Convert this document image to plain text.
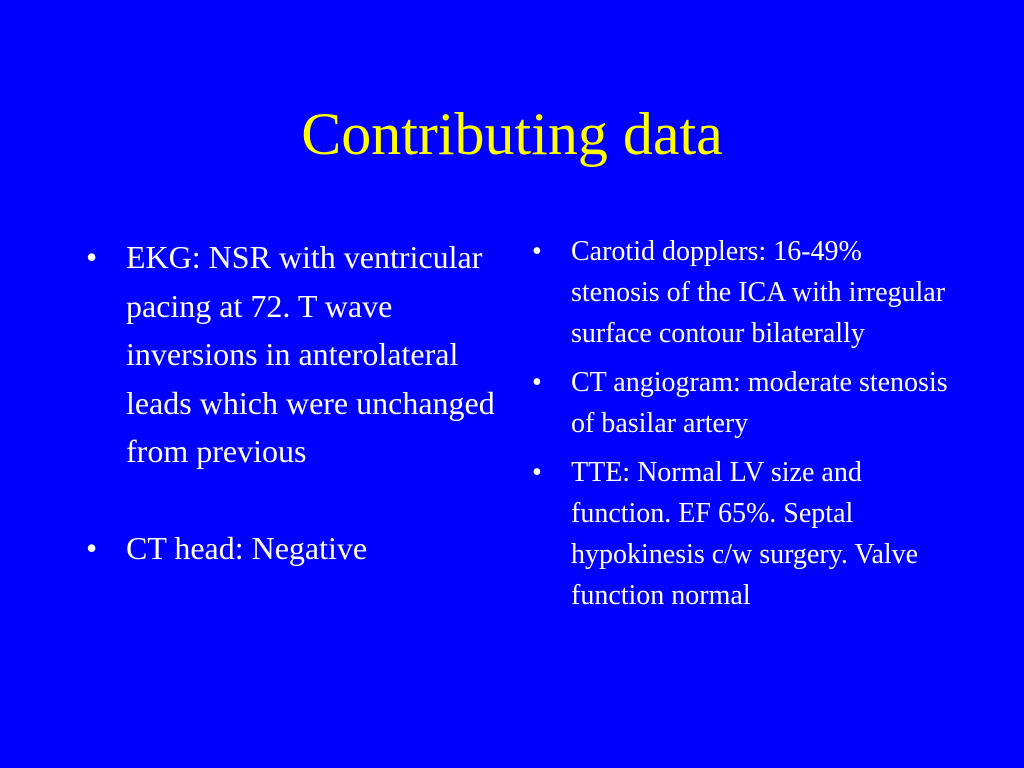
Contributing data
• EKG: NSR with ventricular pacing at 72. T wave inversions in anterolateral leads which were unchanged from previous
• CT head: Negative
• Carotid dopplers: 16-49% stenosis of the ICA with irregular surface contour bilaterally
• CT angiogram: moderate stenosis of basilar artery
• TTE: Normal LV size and function. EF 65%. Septal hypokinesis c/w surgery. Valve function normal
